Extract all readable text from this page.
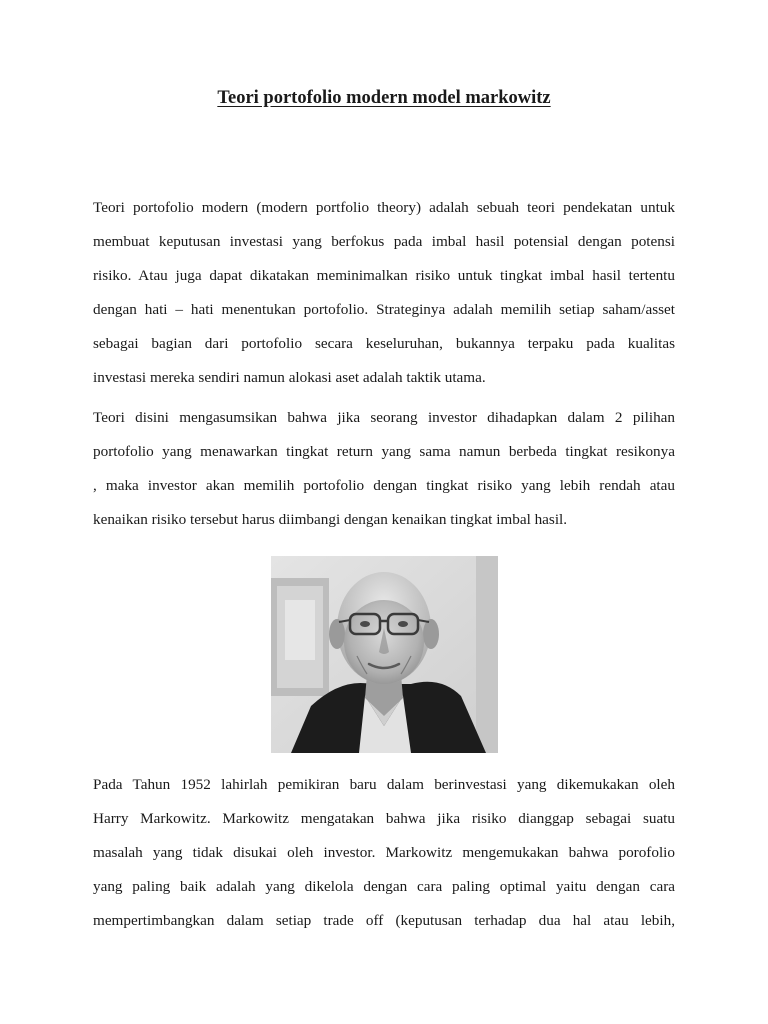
Teori portofolio modern model markowitz
Teori portofolio modern (modern portfolio theory) adalah sebuah teori pendekatan untuk
membuat keputusan investasi yang berfokus pada imbal hasil potensial dengan potensi
risiko. Atau juga dapat dikatakan meminimalkan risiko untuk tingkat imbal hasil tertentu
dengan hati – hati menentukan portofolio. Strateginya adalah memilih setiap saham/asset
sebagai bagian dari portofolio secara keseluruhan, bukannya terpaku pada kualitas
investasi mereka sendiri namun alokasi aset adalah taktik utama.
Teori disini mengasumsikan bahwa jika seorang investor dihadapkan dalam 2 pilihan
portofolio yang menawarkan tingkat return yang sama namun berbeda tingkat resikonya
, maka investor akan memilih portofolio dengan tingkat risiko yang lebih rendah atau
kenaikan risiko tersebut harus diimbangi dengan kenaikan tingkat imbal hasil.
Pada Tahun 1952 lahirlah pemikiran baru dalam berinvestasi yang dikemukakan oleh
Harry Markowitz. Markowitz mengatakan bahwa jika risiko dianggap sebagai suatu
masalah yang tidak disukai oleh investor. Markowitz mengemukakan bahwa porofolio
yang paling baik adalah yang dikelola dengan cara paling optimal yaitu dengan cara
mempertimbangkan dalam setiap trade off (keputusan terhadap dua hal atau lebih,
